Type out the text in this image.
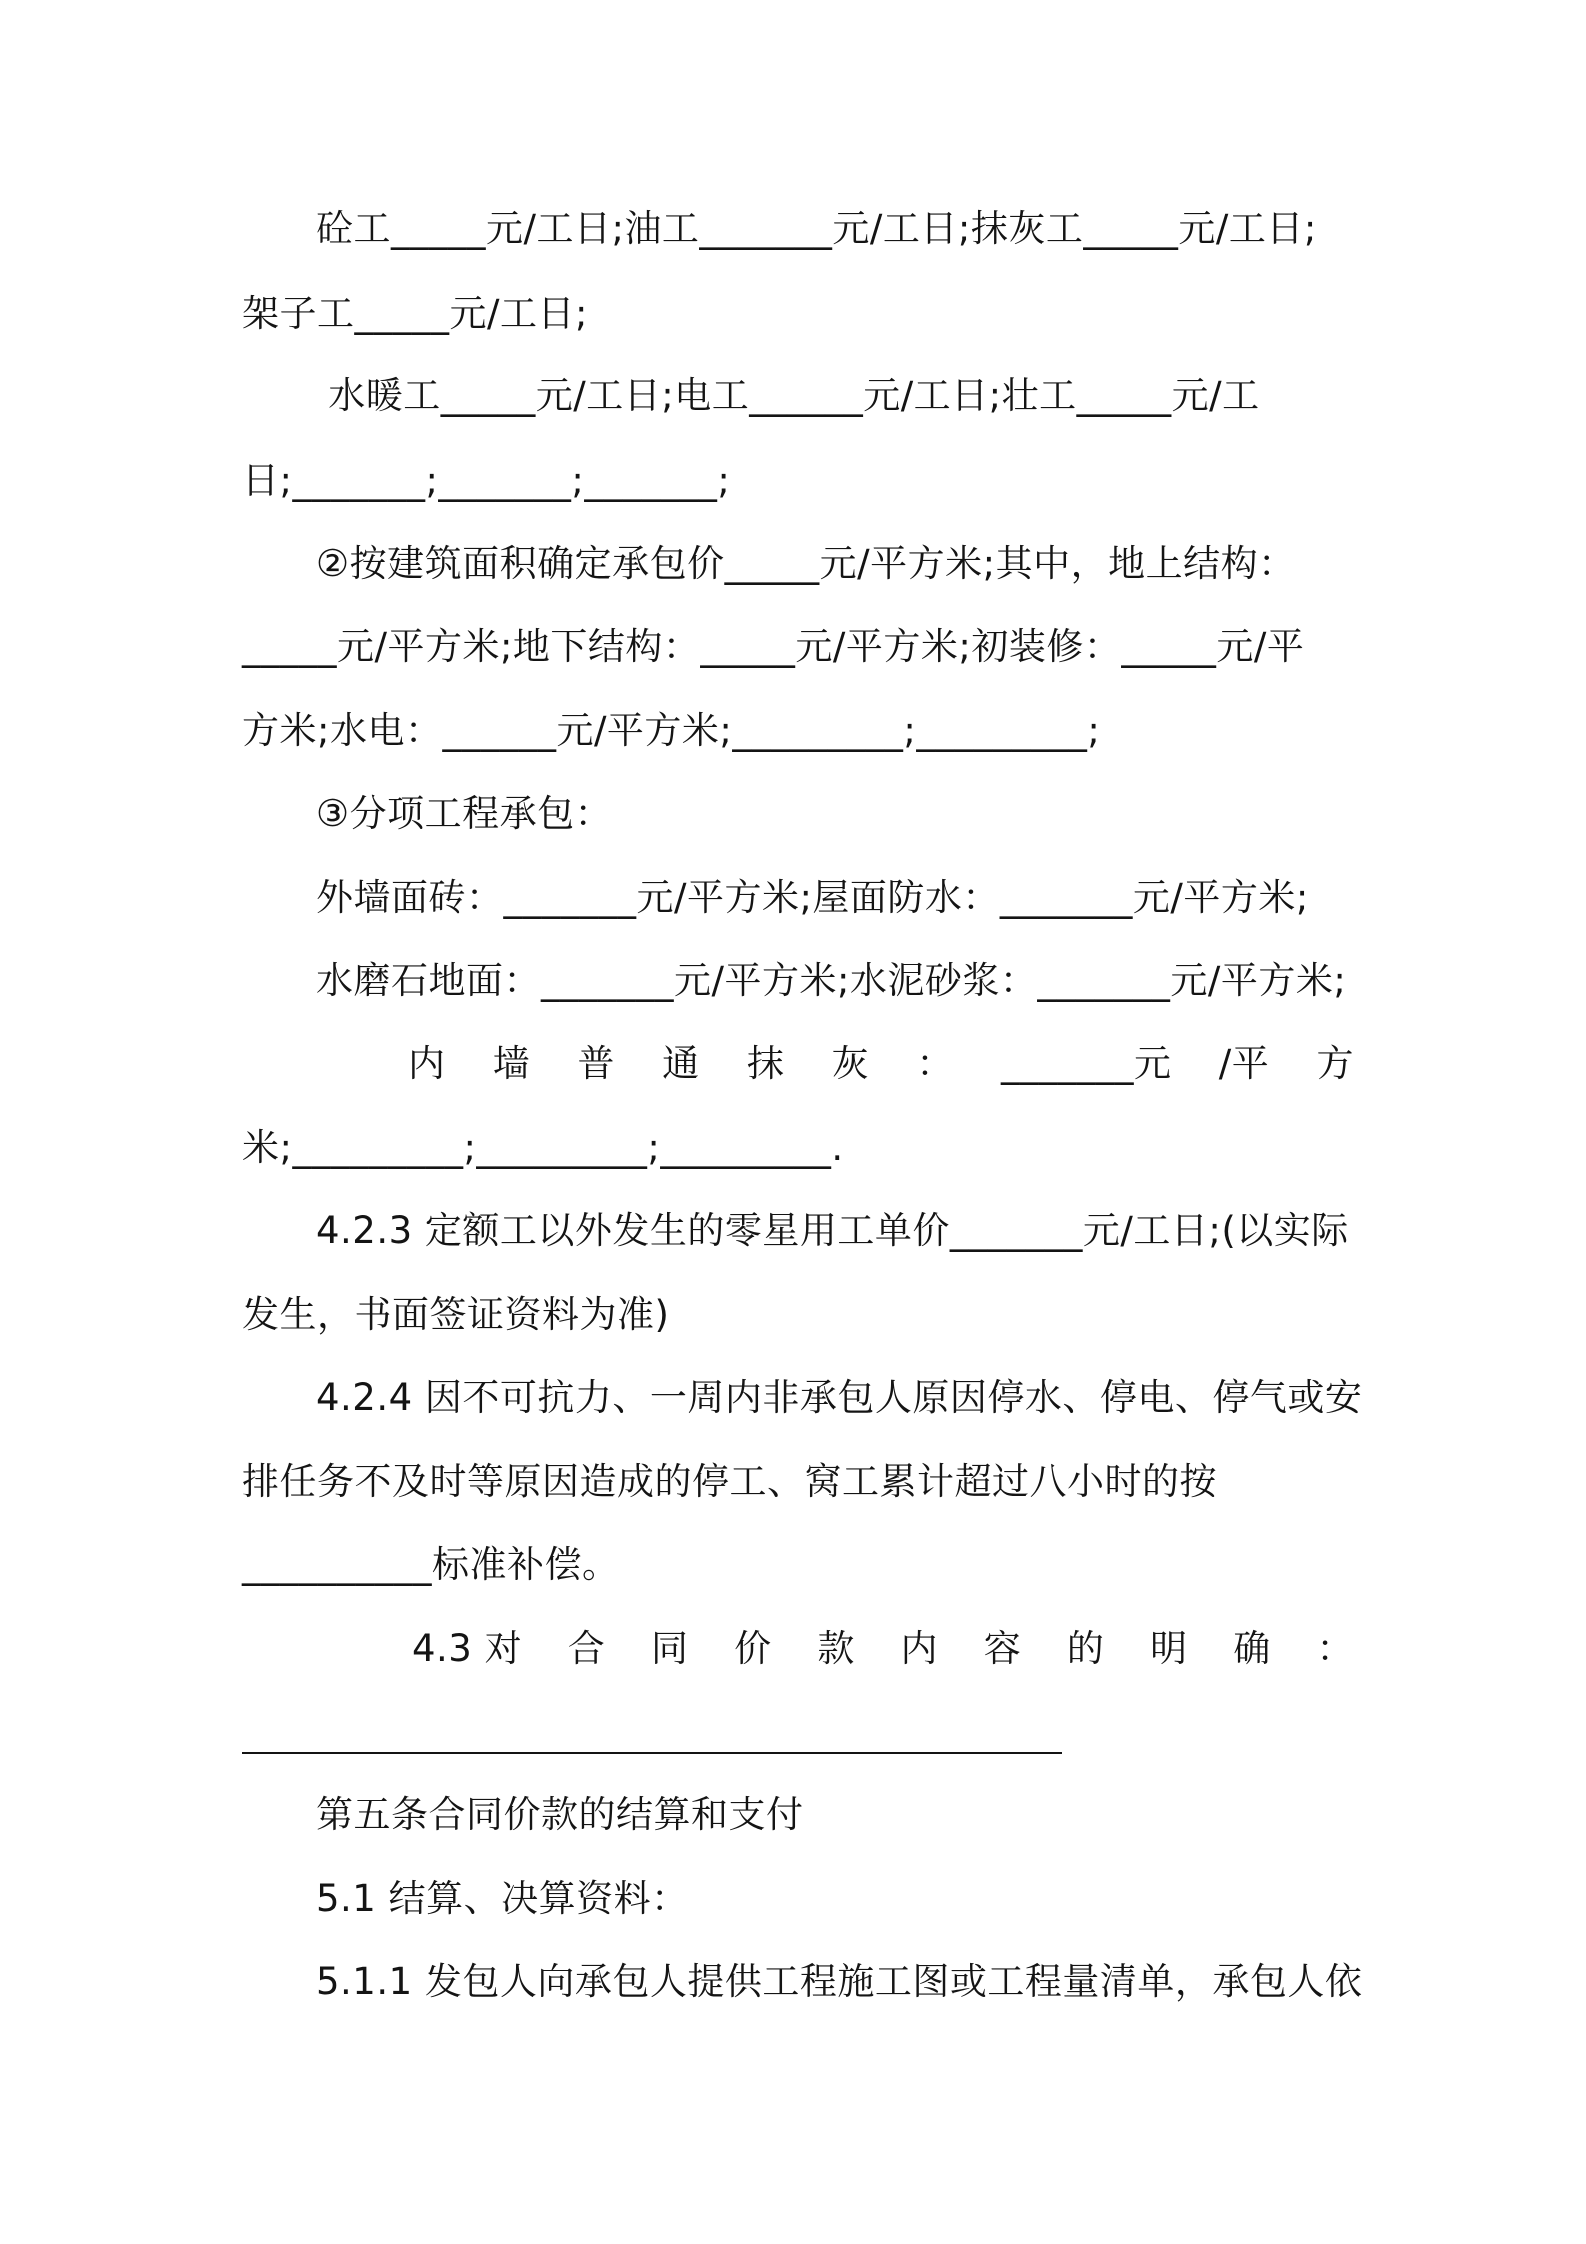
砼工_____元/工日;油工_______元/工日;抹灰工_____元/工日;
架子工_____元/工日;
水暖工_____元/工日;电工______元/工日;壮工_____元/工
日;_______;_______;_______;
②按建筑面积确定承包价_____元/平方米;其中，地上结构：
_____元/平方米;地下结构：_____元/平方米;初装修：_____元/平
方米;水电：______元/平方米;_________;_________;
③分项工程承包：
外墙面砖：_______元/平方米;屋面防水：_______元/平方米;
水磨石地面：_______元/平方米;水泥砂浆：_______元/平方米;
内 墙 普 通 抹 灰 ： _______元 /平 方
米;_________;_________;_________.
4.2.3 定额工以外发生的零星用工单价_______元/工日;(以实际
发生，书面签证资料为准)
4.2.4 因不可抗力、一周内非承包人原因停水、停电、停气或安
排任务不及时等原因造成的停工、窝工累计超过八小时的按
__________标准补偿。
4.3 对 合 同 价 款 内 容 的 明 确 ：
第五条合同价款的结算和支付
5.1 结算、决算资料：
5.1.1 发包人向承包人提供工程施工图或工程量清单，承包人依
